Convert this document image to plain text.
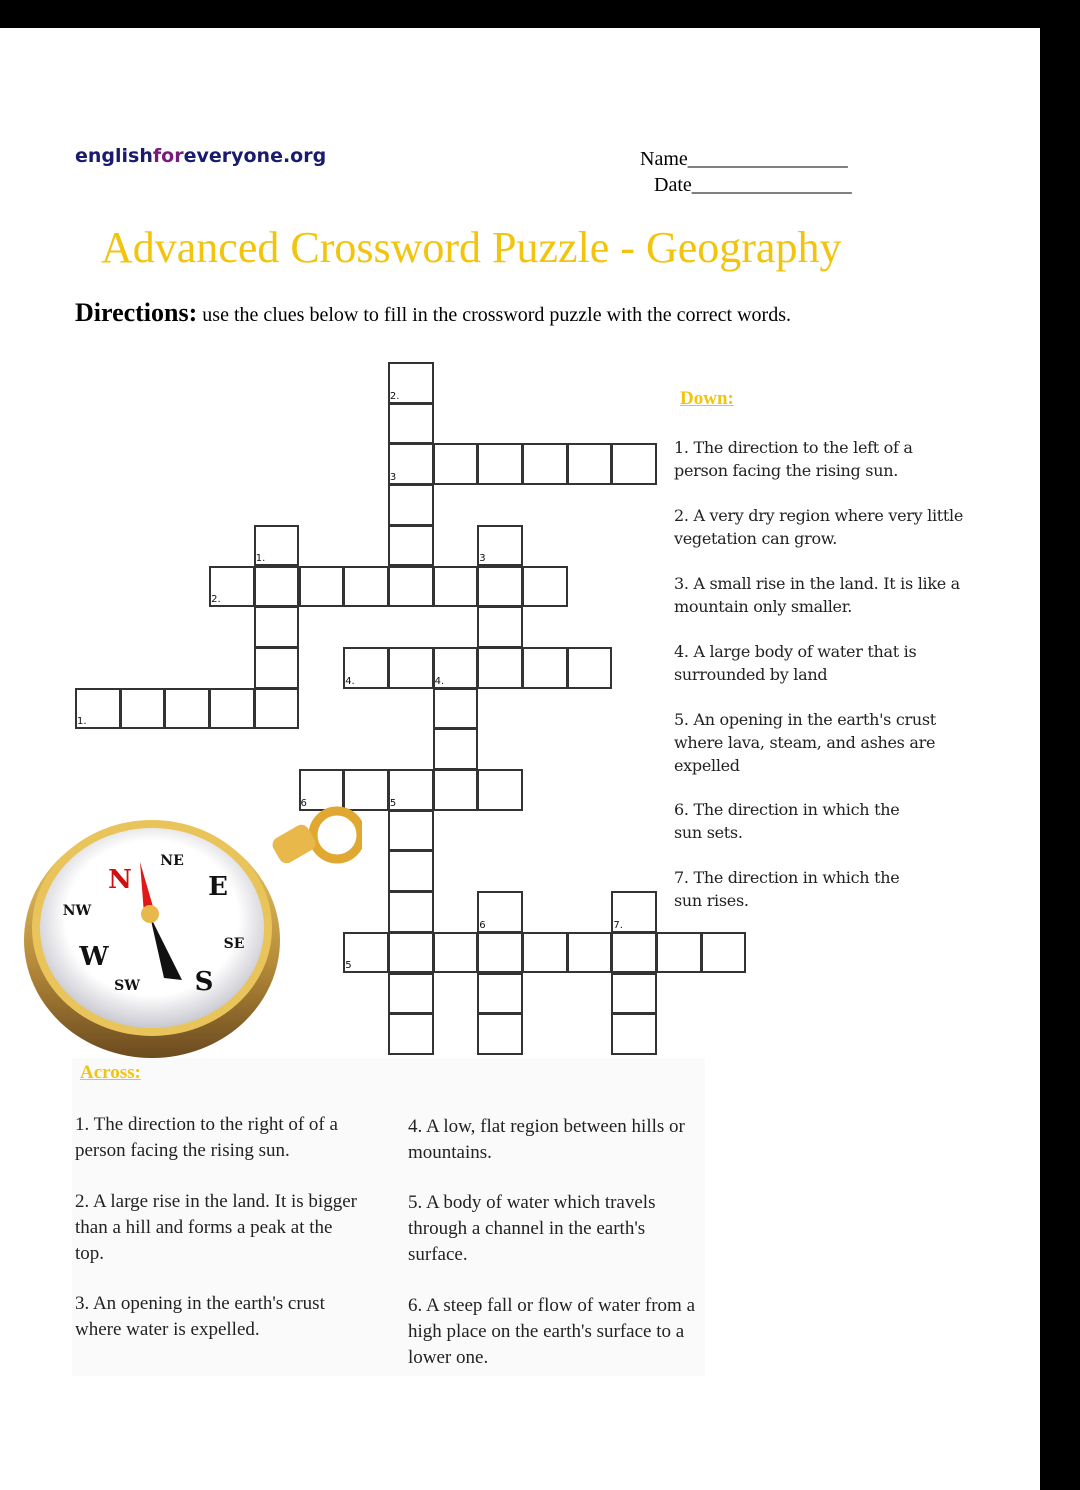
englishforeveryone.org	Name________________
Date________________
Advanced Crossword Puzzle - Geography
Directions: use the clues below to fill in the crossword puzzle with the correct words.
2.
3
1.
2.
3
4.	4.
1.
6	5
5
6	7.
Down:
1. The direction to the left of a person facing the rising sun.
2. A very dry region where very little vegetation can grow.
3. A small rise in the land. It is like a mountain only smaller.
4. A large body of water that is surrounded by land
5. An opening in the earth's crust where lava, steam, and ashes are expelled
6. The direction in which the sun sets.
7. The direction in which the sun rises.
N
NE
E
SE
S
SW
W
NW
Across:
1. The direction to the right of of a person facing the rising sun.
2. A large rise in the land. It is bigger than a hill and forms a peak at the top.
3. An opening in the earth's crust where water is expelled.
4. A low, flat region between hills or mountains.
5. A body of water which travels through a channel in the earth's surface.
6. A steep fall or flow of water from a high place on the earth's surface to a lower one.
